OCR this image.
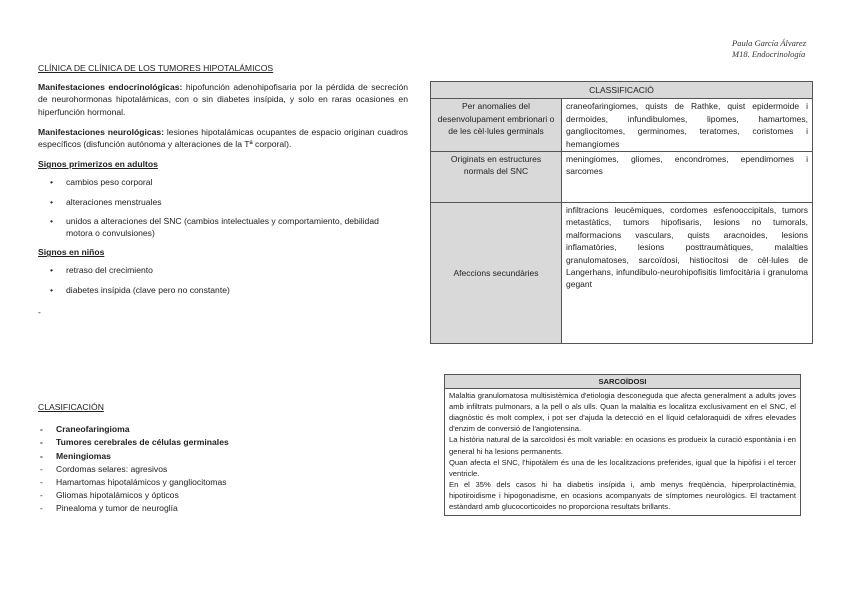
Paula García Álvarez
M18. Endocrinología
CLÍNICA DE CLÍNICA DE LOS TUMORES HIPOTALÁMICOS

Manifestaciones endocrinológicas: hipofunción adenohipofisaria por la pérdida de secreción de neurohormonas hipotalámicas, con o sin diabetes insípida, y solo en raras ocasiones en hiperfunción hormonal.

Manifestaciones neurológicas: lesiones hipotalámicas ocupantes de espacio originan cuadros específicos (disfunción autónoma y alteraciones de la Tª corporal).

Signos primerizos en adultos
• cambios peso corporal
• alteraciones menstruales
• unidos a alteraciones del SNC (cambios intelectuales y comportamiento, debilidad motora o convulsiones)
Signos en niños
• retraso del crecimiento
• diabetes insípida (clave pero no constante)
-
CLASIFICACIÓN
- Craneofaringioma
- Tumores cerebrales de células germinales
- Meningiomas
- Cordomas selares: agresivos
- Hamartomas hipotalámicos y gangliocitomas
- Gliomas hipotalámicos y ópticos
- Pinealoma y tumor de neuroglía
CLASSIFICACIÓ	
Per anomalies del desenvolupament embrionari o de les cèl·lules germinals	craneofaringiomes, quists de Rathke, quist epidermoide i dermoides, infundibulomes, lipomes, hamartomes, gangliocitomes, germinomes, teratomes, coristomes i hemangiomes
Originats en estructures normals del SNC	meningiomes, gliomes, encondromes, ependimomes i sarcomes
Afeccions secundàries	infiltracions leucèmiques, cordomes esfenooccipitals, tumors metastàtics, tumors hipofisaris, lesions no tumorals, malformacions vasculars, quists aracnoides, lesions inflamatòries, lesions posttraumàtiques, malalties granulomatoses, sarcoïdosi, histiocitosi de cèl·lules de Langerhans, infundibulo-neurohipofisitis limfocitària i granuloma gegant
SARCOÏDOSI

Malaltia granulomatosa multisistèmica d'etiologia desconeguda que afecta generalment a adults joves amb infiltrats pulmonars, a la pell o als ulls. Quan la malaltia es localitza exclusivament en el SNC, el diagnòstic és molt complex, i pot ser d'ajuda la detecció en el líquid cefaloraquidi de xifres elevades d'enzim de conversió de l'angiotensina.

La història natural de la sarcoïdosi és molt variable: en ocasions es produeix la curació espontània i en general hi ha lesions permanents.

Quan afecta el SNC, l'hipotàlem és una de les localitzacions preferides, igual que la hipòfisi i el tercer ventricle.

En el 35% dels casos hi ha diabetis insípida i, amb menys freqüència, hiperprolactinèmia, hipotiroidisme i hipogonadisme, en ocasions acompanyats de símptomes neurològics. El tractament estàndard amb glucocorticoides no proporciona resultats brillants.
